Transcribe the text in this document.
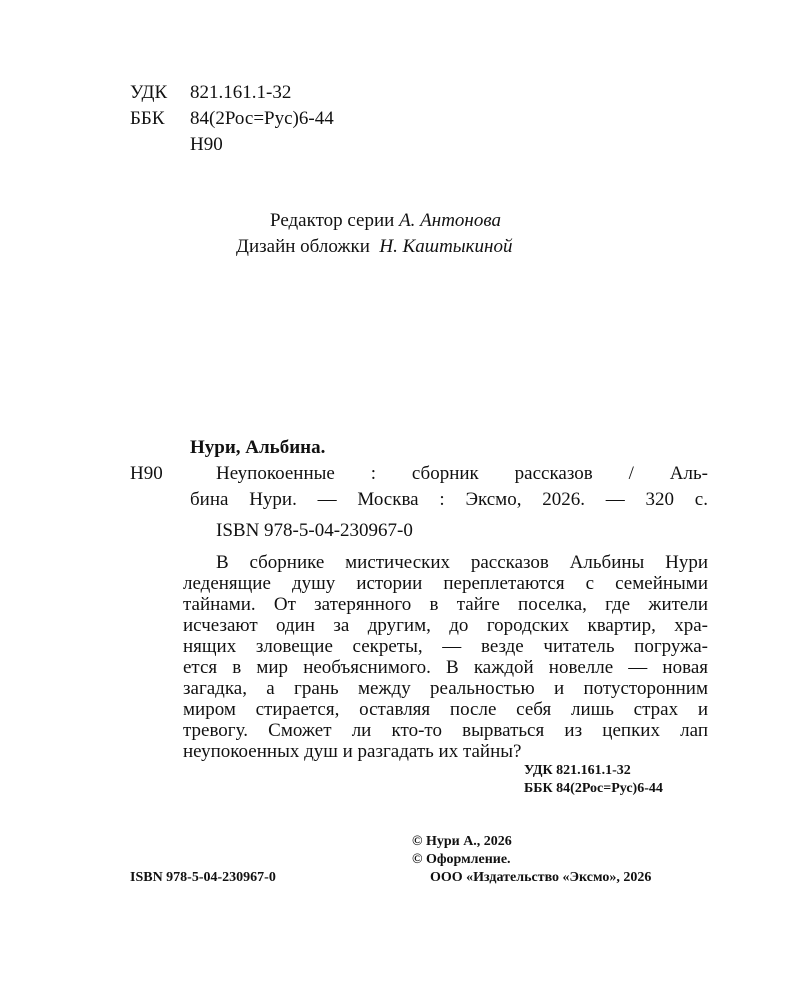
УДК 821.161.1-32
ББК 84(2Рос=Рус)6-44
Н90
Редактор серии А. Антонова
Дизайн обложки Н. Каштыкиной
Нури, Альбина.
Н90	Неупокоенные : сборник рассказов / Аль-
бина Нури. — Москва : Эксмо, 2026. — 320 с.
ISBN 978-5-04-230967-0
В сборнике мистических рассказов Альбины Нури
леденящие душу истории переплетаются с семейными
тайнами. От затерянного в тайге поселка, где жители
исчезают один за другим, до городских квартир, хра-
нящих зловещие секреты, — везде читатель погружа-
ется в мир необъяснимого. В каждой новелле — новая
загадка, а грань между реальностью и потусторонним
миром стирается, оставляя после себя лишь страх и
тревогу. Сможет ли кто-то вырваться из цепких лап
неупокоенных душ и разгадать их тайны?
УДК 821.161.1-32
ББК 84(2Рос=Рус)6-44
© Нури А., 2026
© Оформление.
ISBN 978-5-04-230967-0	ООО «Издательство «Эксмо», 2026
